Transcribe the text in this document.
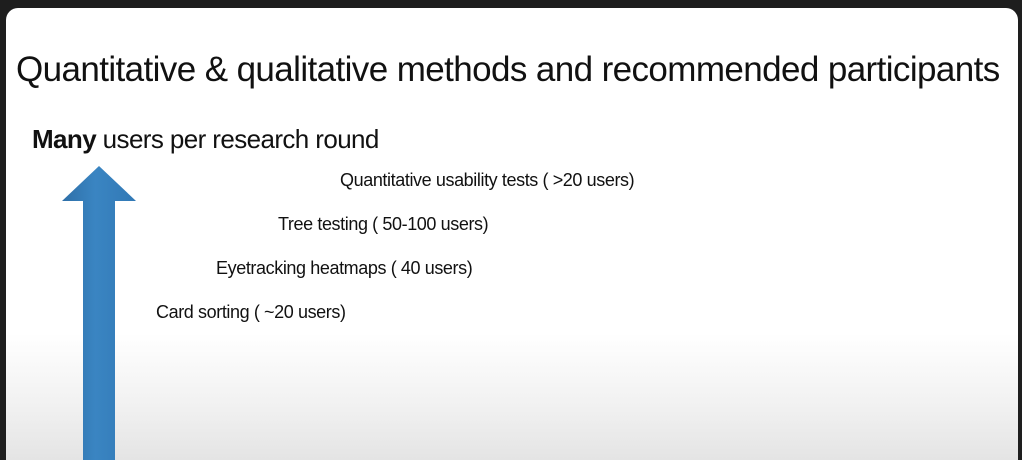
Quantitative & qualitative methods and recommended participants
Many users per research round
Quantitative usability tests ( >20 users)
Tree testing ( 50-100 users)
Eyetracking heatmaps ( 40 users)
Card sorting ( ~20 users)
